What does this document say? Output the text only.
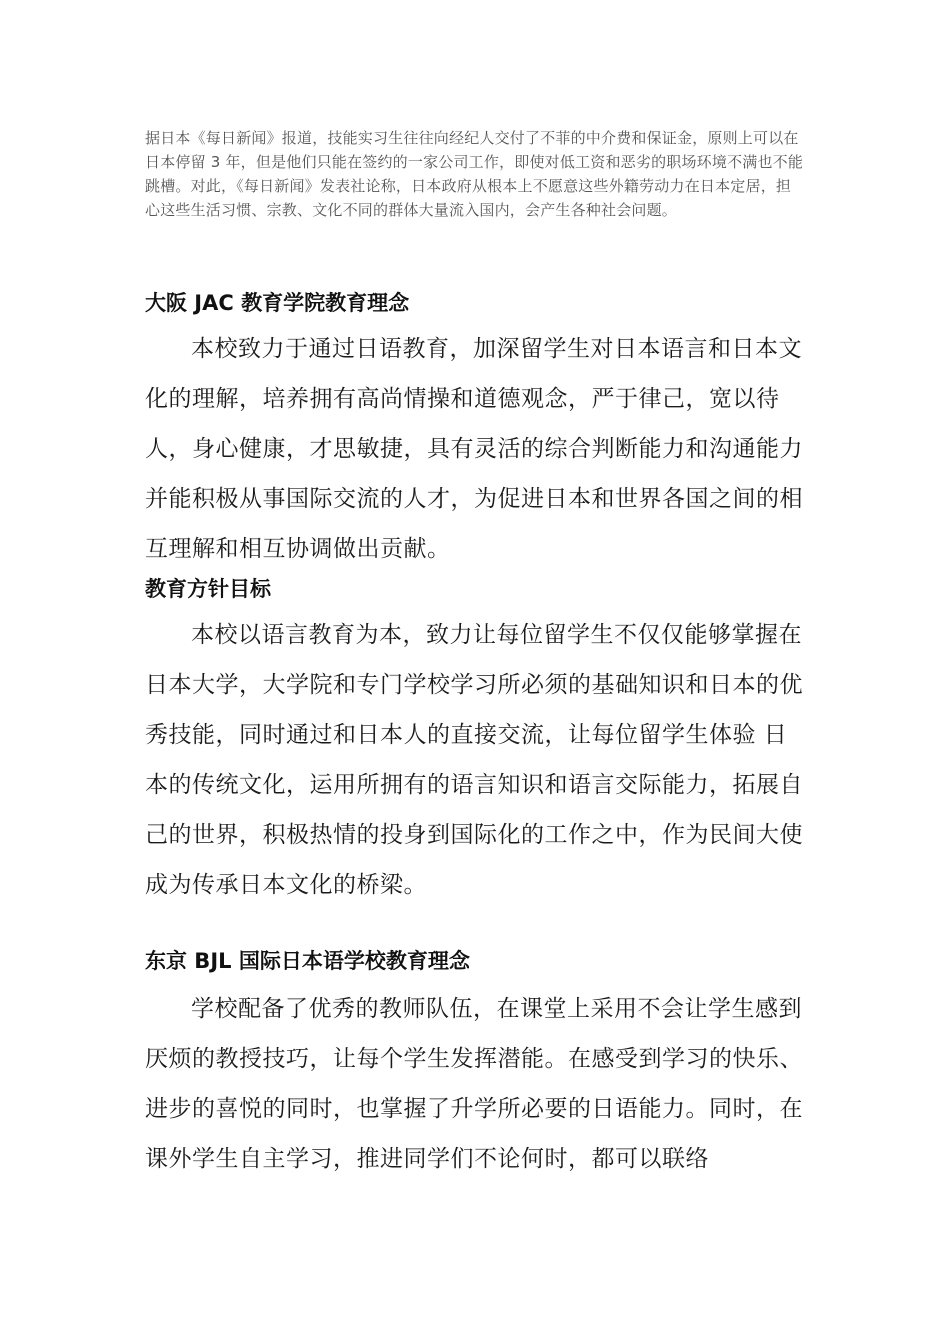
据日本《每日新闻》报道，技能实习生往往向经纪人交付了不菲的中介费和保证金，原则上可以在日本停留 3 年，但是他们只能在签约的一家公司工作，即使对低工资和恶劣的职场环境不满也不能跳槽。对此，《每日新闻》发表社论称，日本政府从根本上不愿意这些外籍劳动力在日本定居，担心这些生活习惯、宗教、文化不同的群体大量流入国内，会产生各种社会问题。

大阪 JAC 教育学院教育理念

本校致力于通过日语教育，加深留学生对日本语言和日本文化的理解，培养拥有高尚情操和道德观念，严于律己，宽以待人，身心健康，才思敏捷，具有灵活的综合判断能力和沟通能力并能积极从事国际交流的人才，为促进日本和世界各国之间的相互理解和相互协调做出贡献。

教育方针目标

本校以语言教育为本，致力让每位留学生不仅仅能够掌握在日本大学，大学院和专门学校学习所必须的基础知识和日本的优秀技能，同时通过和日本人的直接交流，让每位留学生体验 日本的传统文化，运用所拥有的语言知识和语言交际能力，拓展自己的世界，积极热情的投身到国际化的工作之中，作为民间大使成为传承日本文化的桥梁。

东京 BJL 国际日本语学校教育理念

学校配备了优秀的教师队伍，在课堂上采用不会让学生感到厌烦的教授技巧，让每个学生发挥潜能。在感受到学习的快乐、进步的喜悦的同时，也掌握了升学所必要的日语能力。同时，在课外学生自主学习，推进同学们不论何时，都可以联络
